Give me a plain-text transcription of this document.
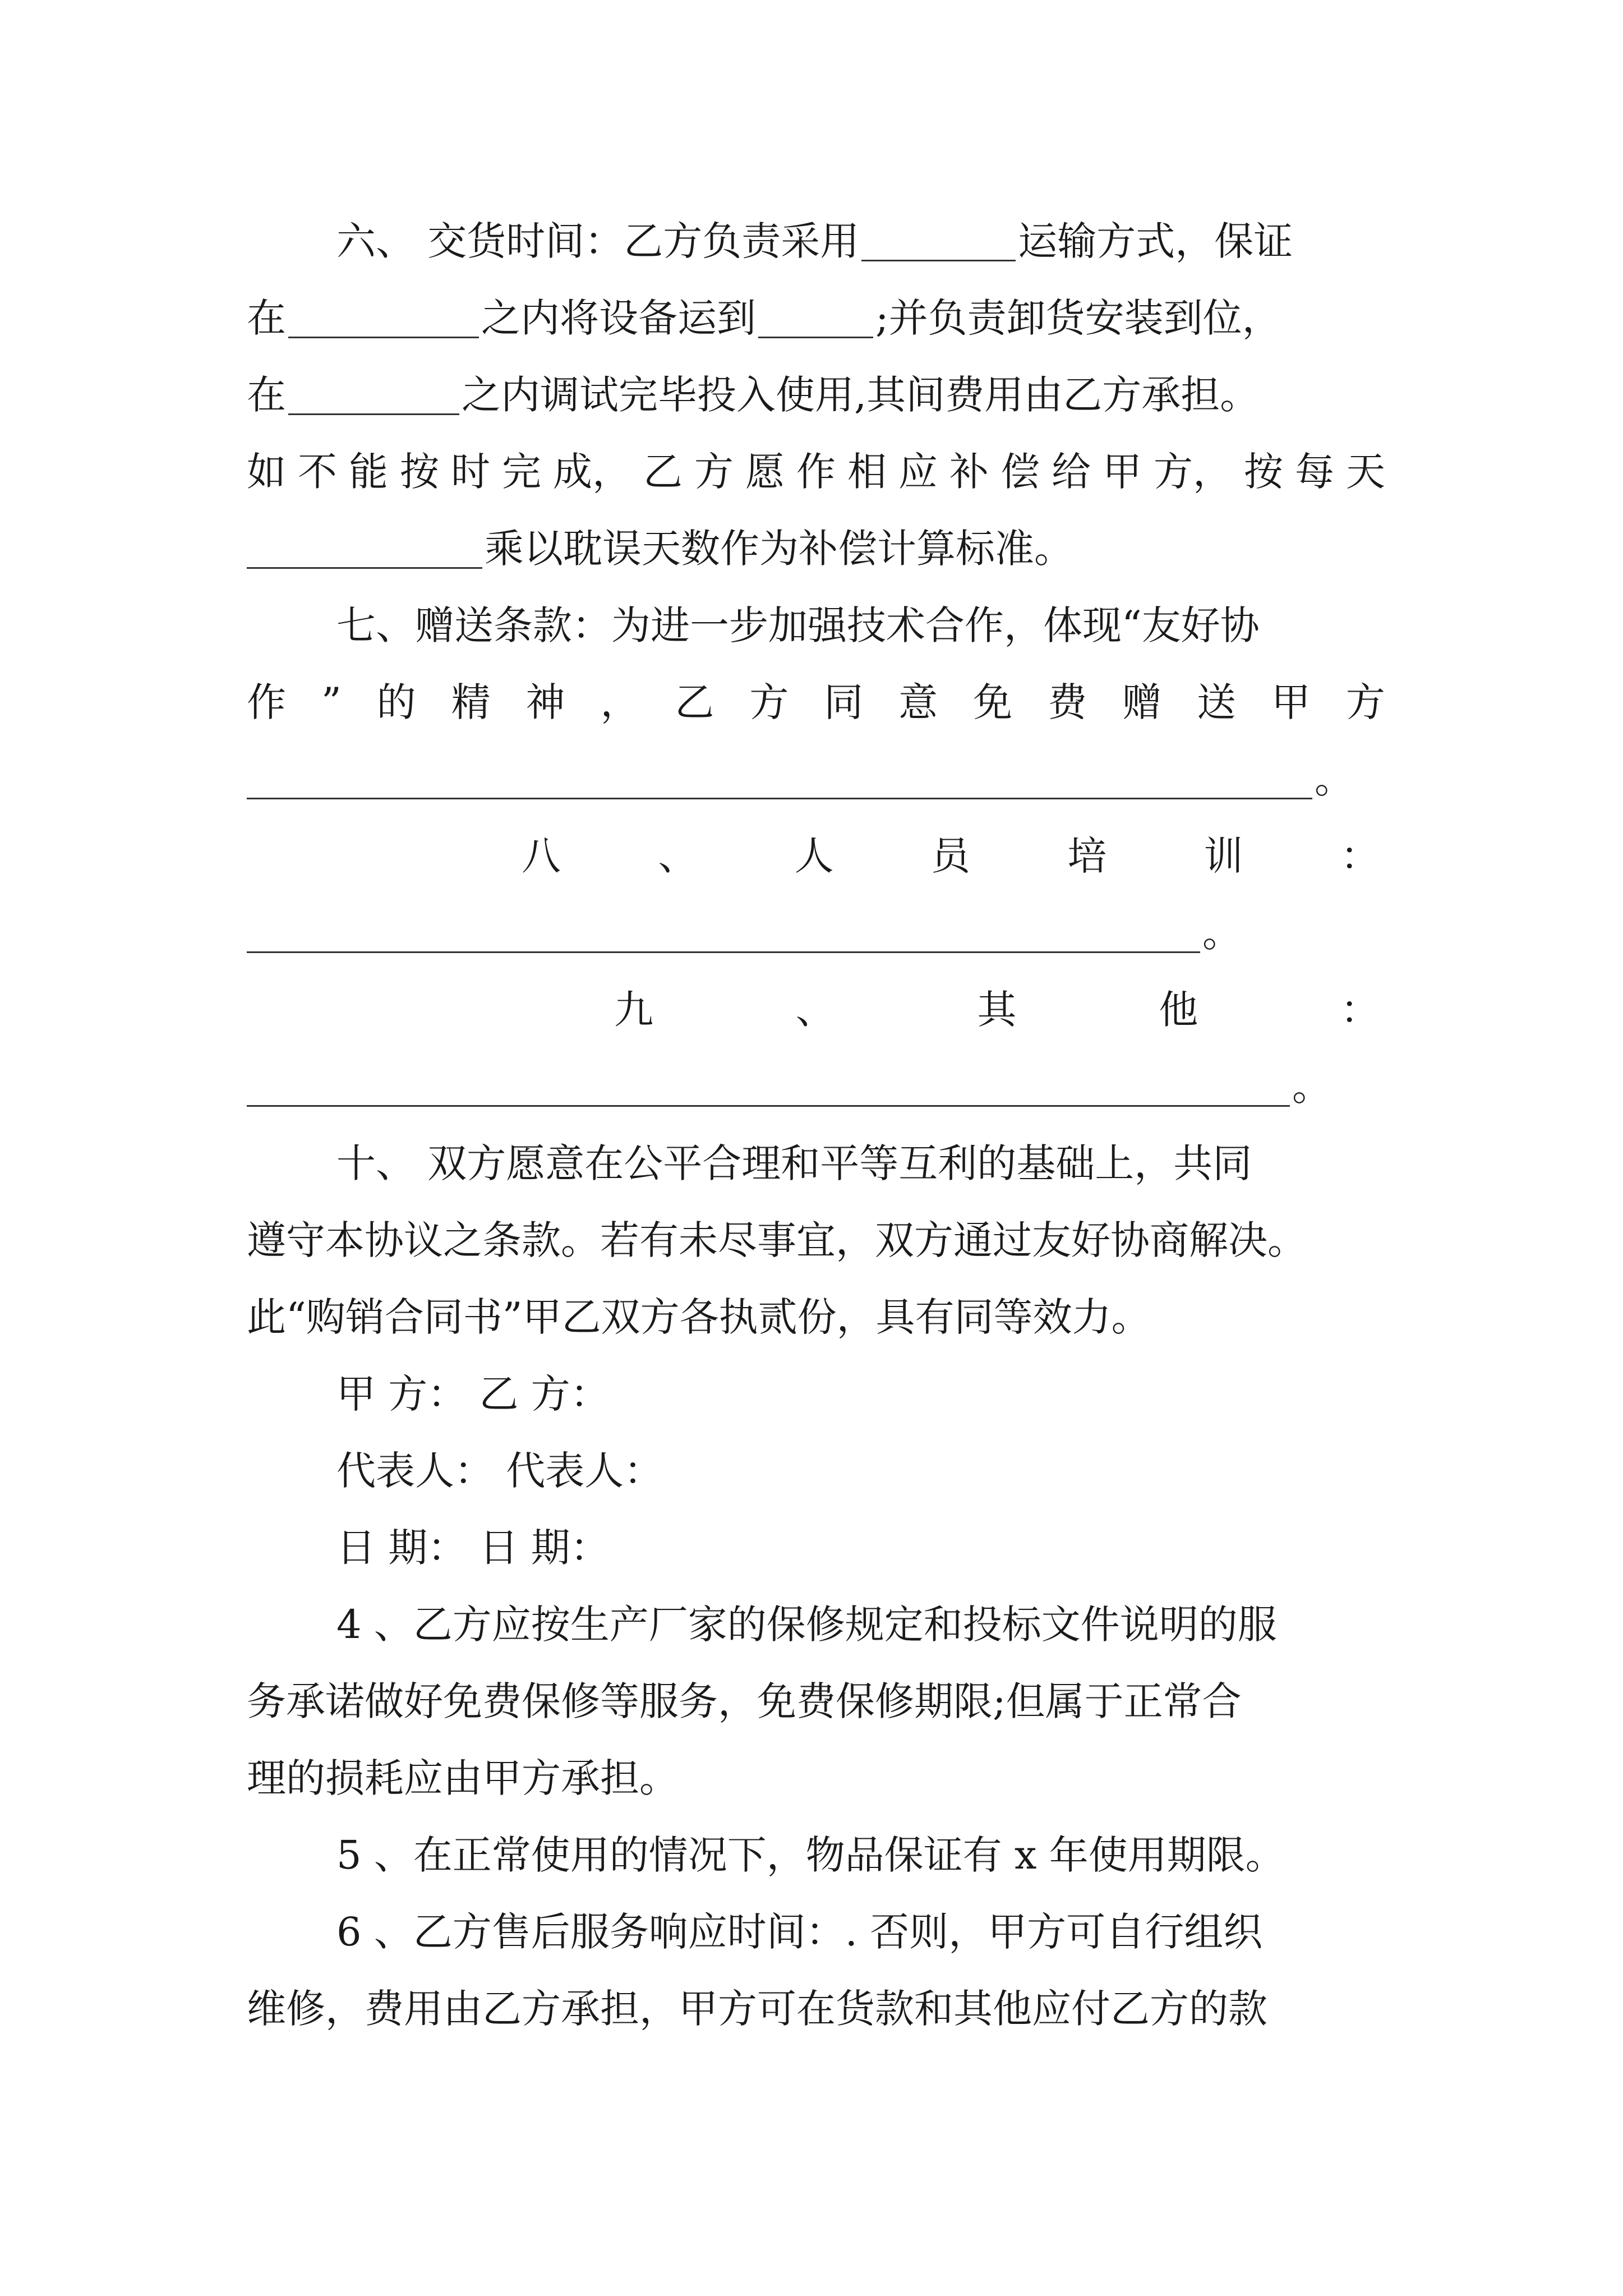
六、 交货时间：乙方负责采用	运输方式，保证
在	之内将设备运到	;并负责卸货安装到位，
在	之内调试完毕投入使用,其间费用由乙方承担。
如 不 能 按 时 完 成， 乙 方 愿 作 相 应 补 偿 给 甲 方， 按 每 天
乘以耽误天数作为补偿计算标准。
七、赠送条款：为进一步加强技术合作，体现“友好协
作 ” 的 精 神 ， 乙 方 同 意 免 费 赠 送 甲 方
。
八 、 人 员 培 训 ：
。
九	、	其	他	：
。
十、 双方愿意在公平合理和平等互利的基础上，共同
遵守本协议之条款。若有未尽事宜，双方通过友好协商解决。
此“购销合同书”甲乙双方各执贰份，具有同等效力。
甲 方： 乙 方：
代表人： 代表人：
日 期： 日 期：
4 、乙方应按生产厂家的保修规定和投标文件说明的服
务承诺做好免费保修等服务，免费保修期限;但属于正常合
理的损耗应由甲方承担。
5 、在正常使用的情况下，物品保证有 x 年使用期限。
6 、乙方售后服务响应时间：. 否则，甲方可自行组织
维修，费用由乙方承担，甲方可在货款和其他应付乙方的款
